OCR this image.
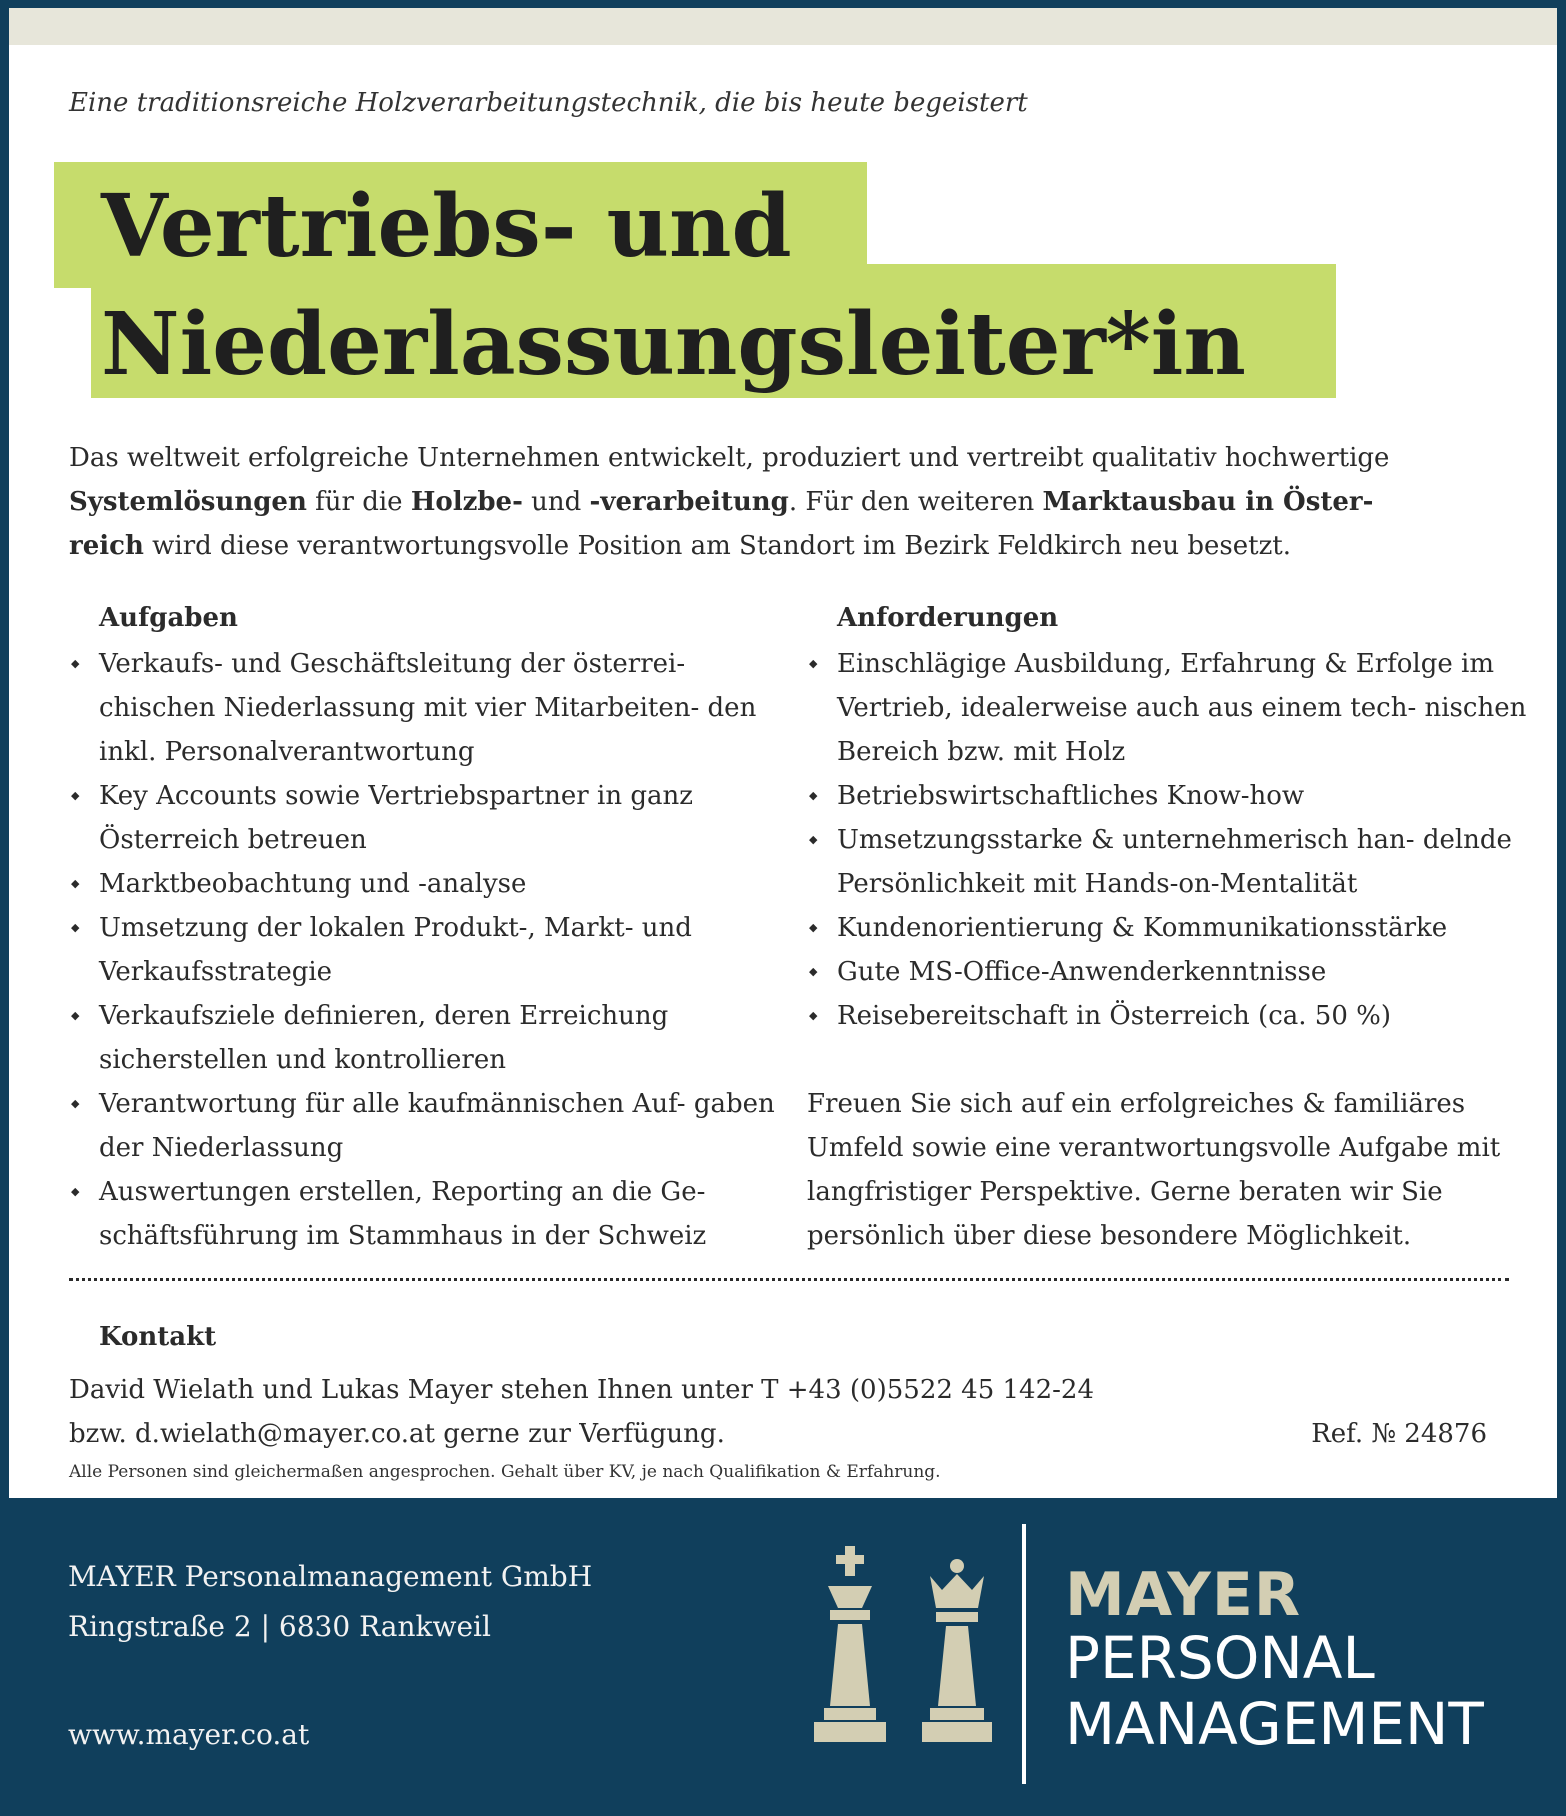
Eine traditionsreiche Holzverarbeitungstechnik, die bis heute begeistert
Vertriebs- und
Niederlassungsleiter*in

Das weltweit erfolgreiche Unternehmen entwickelt, produziert und vertreibt qualitativ hochwertige
Systemlösungen für die Holzbe- und -verarbeitung. Für den weiteren Marktausbau in Öster-
reich wird diese verantwortungsvolle Position am Standort im Bezirk Feldkirch neu besetzt.

Aufgaben
◆ Verkaufs- und Geschäftsleitung der österrei- chischen Niederlassung mit vier Mitarbeiten- den inkl. Personalverantwortung
◆ Key Accounts sowie Vertriebspartner in ganz Österreich betreuen
◆ Marktbeobachtung und -analyse
◆ Umsetzung der lokalen Produkt-, Markt- und Verkaufsstrategie
◆ Verkaufsziele definieren, deren Erreichung sicherstellen und kontrollieren
◆ Verantwortung für alle kaufmännischen Auf- gaben der Niederlassung
◆ Auswertungen erstellen, Reporting an die Ge- schäftsführung im Stammhaus in der Schweiz
Anforderungen
◆ Einschlägige Ausbildung, Erfahrung & Erfolge im Vertrieb, idealerweise auch aus einem tech- nischen Bereich bzw. mit Holz
◆ Betriebswirtschaftliches Know-how
◆ Umsetzungsstarke & unternehmerisch han- delnde Persönlichkeit mit Hands-on-Mentalität
◆ Kundenorientierung & Kommunikationsstärke
◆ Gute MS-Office-Anwenderkenntnisse
◆ Reisebereitschaft in Österreich (ca. 50 %)

Freuen Sie sich auf ein erfolgreiches & familiäres Umfeld sowie eine verantwortungsvolle Aufgabe mit langfristiger Perspektive. Gerne beraten wir Sie persönlich über diese besondere Möglichkeit.

Kontakt
David Wielath und Lukas Mayer stehen Ihnen unter T +43 (0)5522 45 142-24
bzw. d.wielath@mayer.co.at gerne zur Verfügung.	Ref. № 24876
Alle Personen sind gleichermaßen angesprochen. Gehalt über KV, je nach Qualifikation & Erfahrung.
MAYER Personalmanagement GmbH
Ringstraße 2 | 6830 Rankweil
www.mayer.co.at
MAYER
PERSONAL
MANAGEMENT
